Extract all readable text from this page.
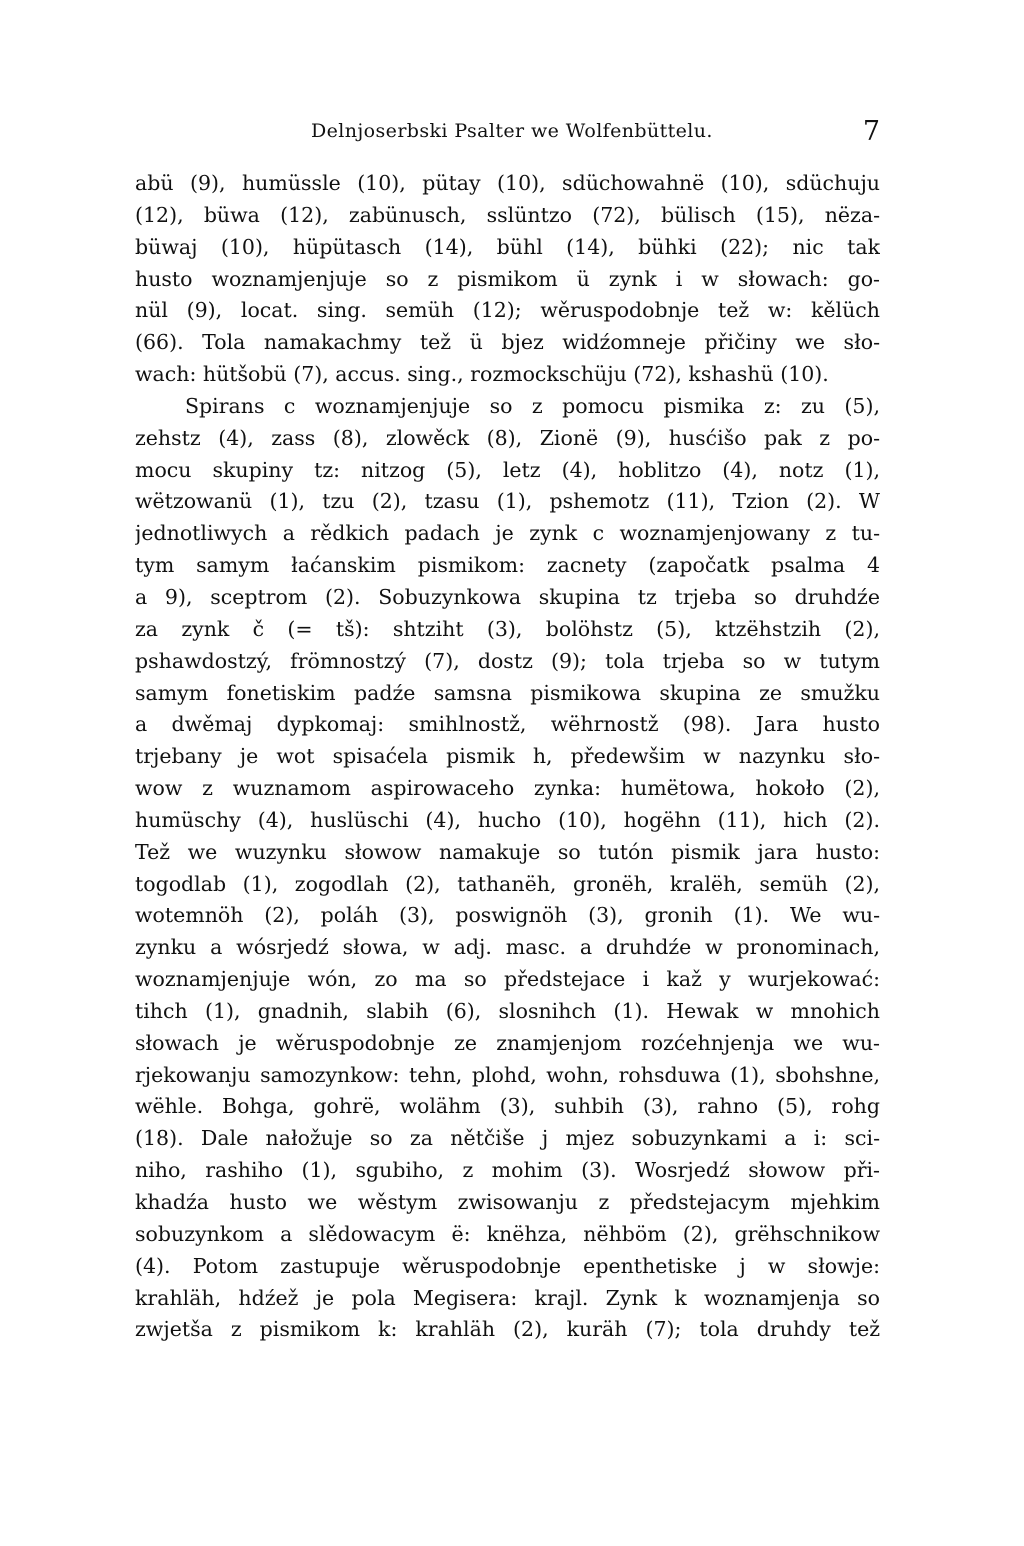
Delnjoserbski Psalter we Wolfenbüttelu.	7
abü (9), humüssle (10), pütay (10), sdüchowahnë (10), sdüchuju
(12), büwa (12), zabünusch, sslüntzo (72), bülisch (15), nëza-
büwaj (10), hüpütasch (14), bühl (14), bühki (22); nic tak
husto woznamjenjuje so z pismikom ü zynk i w słowach: go-
nül (9), locat. sing. semüh (12); wěruspodobnje tež w: kělüch
(66). Tola namakachmy tež ü bjez widźomneje přičiny we sło-
wach: hütšobü (7), accus. sing., rozmockschüju (72), kshashü (10).
Spirans c woznamjenjuje so z pomocu pismika z: zu (5),
zehstz (4), zass (8), zlowěck (8), Zionë (9), husćišo pak z po-
mocu skupiny tz: nitzog (5), letz (4), hoblitzo (4), notz (1),
wëtzowanü (1), tzu (2), tzasu (1), pshemotz (11), Tzion (2). W
jednotliwych a rědkich padach je zynk c woznamjenjowany z tu-
tym samym łaćanskim pismikom: zacnety (započatk psalma 4
a 9), sceptrom (2). Sobuzynkowa skupina tz trjeba so druhdźe
za zynk č (= tš): shtziht (3), bolöhstz (5), ktzëhstzih (2),
pshawdostzý, frömnostzý (7), dostz (9); tola trjeba so w tutym
samym fonetiskim padźe samsna pismikowa skupina ze smužku
a dwěmaj dypkomaj: smihlnostž, wëhrnostž (98). Jara husto
trjebany je wot spisaćela pismik h, předewšim w nazynku sło-
wow z wuznamom aspirowaceho zynka: humëtowa, hokoło (2),
humüschy (4), huslüschi (4), hucho (10), hogëhn (11), hich (2).
Tež we wuzynku słowow namakuje so tutón pismik jara husto:
togodlab (1), zogodlah (2), tathanëh, gronëh, kralëh, semüh (2),
wotemnöh (2), poláh (3), poswignöh (3), gronih (1). We wu-
zynku a wósrjedź słowa, w adj. masc. a druhdźe w pronominach,
woznamjenjuje wón, zo ma so předstejace i kaž y wurjekować:
tihch (1), gnadnih, slabih (6), slosnihch (1). Hewak w mnohich
słowach je wěruspodobnje ze znamjenjom rozćehnjenja we wu-
rjekowanju samozynkow: tehn, plohd, wohn, rohsduwa (1), sbohshne,
wëhle. Bohga, gohrë, wolähm (3), suhbih (3), rahno (5), rohg
(18). Dale nałožuje so za nětčiše j mjez sobuzynkami a i: sci-
niho, rashiho (1), sgubiho, z mohim (3). Wosrjedź słowow při-
khadźa husto we wěstym zwisowanju z předstejacym mjehkim
sobuzynkom a slědowacym ë: knëhza, nëhböm (2), grëhschnikow
(4). Potom zastupuje wěruspodobnje epenthetiske j w słowje:
krahläh, hdźež je pola Megisera: krajl. Zynk k woznamjenja so
zwjetša z pismikom k: krahläh (2), kuräh (7); tola druhdy tež
